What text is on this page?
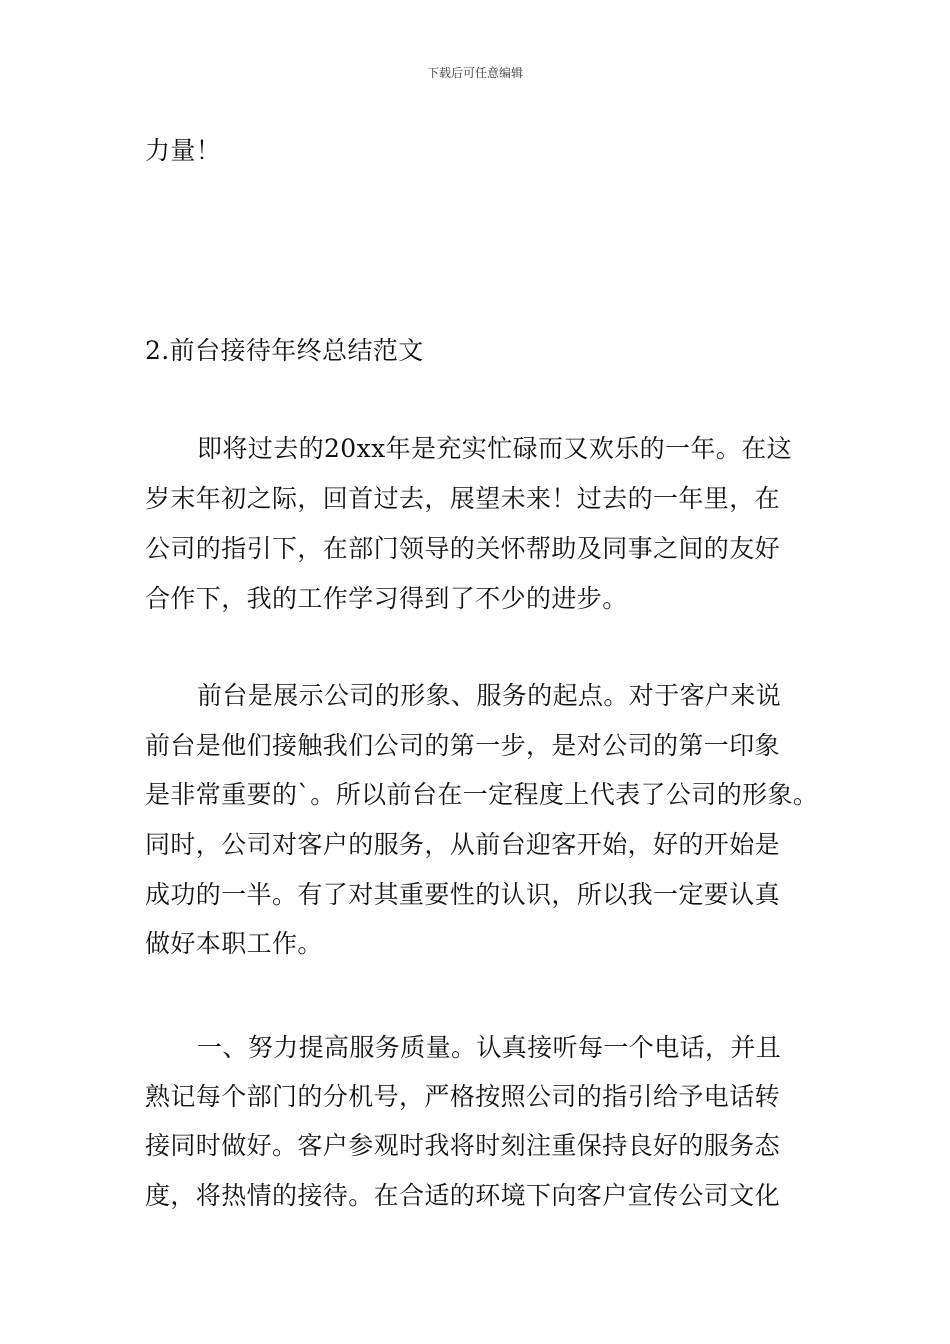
下载后可任意编辑
力量！
2.前台接待年终总结范文
即将过去的20xx年是充实忙碌而又欢乐的一年。在这
岁末年初之际，回首过去，展望未来！过去的一年里，在
公司的指引下，在部门领导的关怀帮助及同事之间的友好
合作下，我的工作学习得到了不少的进步。
前台是展示公司的形象、服务的起点。对于客户来说
前台是他们接触我们公司的第一步，是对公司的第一印象
是非常重要的`。所以前台在一定程度上代表了公司的形象。
同时，公司对客户的服务，从前台迎客开始，好的开始是
成功的一半。有了对其重要性的认识，所以我一定要认真
做好本职工作。
一、努力提高服务质量。认真接听每一个电话，并且
熟记每个部门的分机号，严格按照公司的指引给予电话转
接同时做好。客户参观时我将时刻注重保持良好的服务态
度，将热情的接待。在合适的环境下向客户宣传公司文化
